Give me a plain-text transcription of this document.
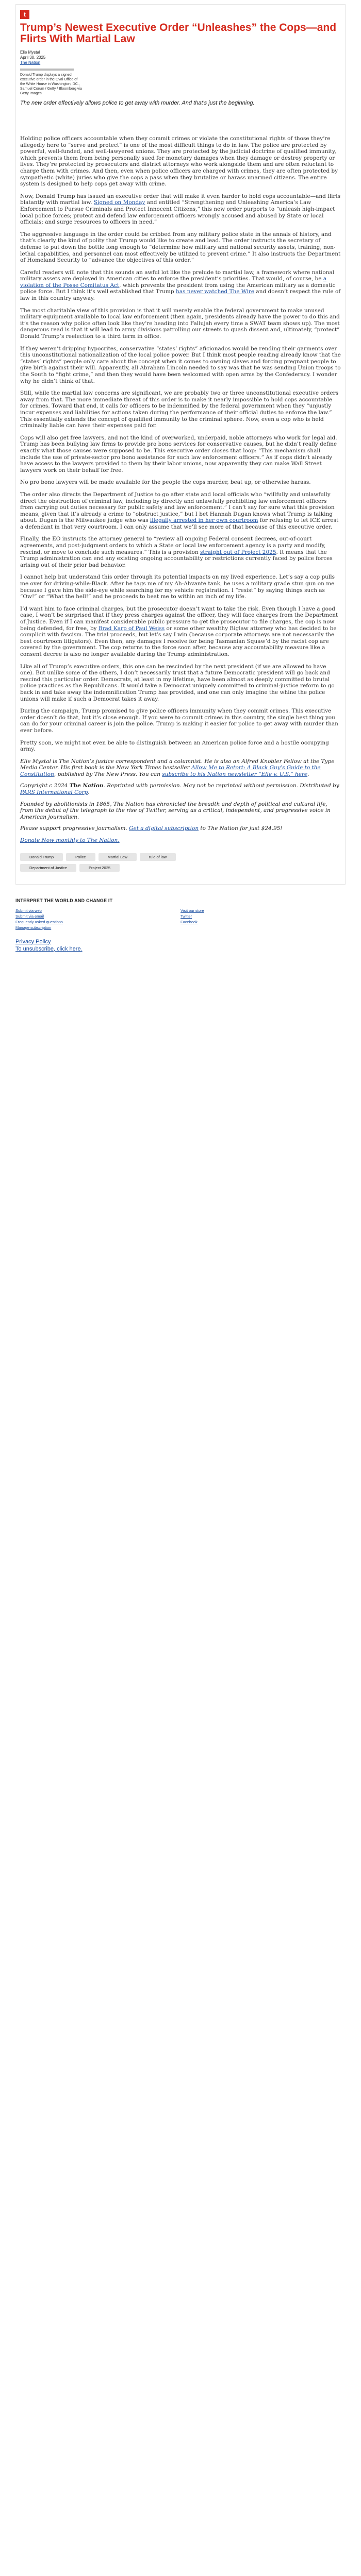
t
Trump’s Newest Executive Order “Unleashes” the Cops—and Flirts With Martial Law
Elie Mystal
April 30, 2025
The Nation

Donald Trump displays a signed executive order in the Oval Office of the White House in Washington, DC., Samuel Corum / Getty / Bloomberg via Getty Images

The new order effectively allows police to get away with murder. And that’s just the beginning.

Holding police officers accountable when they commit crimes or violate the constitutional rights of those they’re allegedly here to “serve and protect” is one of the most difficult things to do in law. The police are protected by powerful, well-funded, and well-lawyered unions. They are protected by the judicial doctrine of qualified immunity, which prevents them from being personally sued for monetary damages when they damage or destroy property or lives. They’re protected by prosecutors and district attorneys who work alongside them and are often reluctant to charge them with crimes. And then, even when police officers are charged with crimes, they are often protected by sympathetic (white) juries who give the cops a pass when they brutalize or harass unarmed citizens. The entire system is designed to help cops get away with crime.

Now, Donald Trump has issued an executive order that will make it even harder to hold cops accountable—and flirts blatantly with martial law. Signed on Monday and entitled “Strengthening and Unleashing America’s Law Enforcement to Pursue Criminals and Protect Innocent Citizens,” this new order purports to “unleash high-impact local police forces; protect and defend law enforcement officers wrongly accused and abused by State or local officials; and surge resources to officers in need.”

The aggressive language in the order could be cribbed from any military police state in the annals of history, and that’s clearly the kind of polity that Trump would like to create and lead. The order instructs the secretary of defense to put down the bottle long enough to “determine how military and national security assets, training, non-lethal capabilities, and personnel can most effectively be utilized to prevent crime.” It also instructs the Department of Homeland Security to “advance the objectives of this order.”

Careful readers will note that this sounds an awful lot like the prelude to martial law, a framework where national military assets are deployed in American cities to enforce the president’s priorities. That would, of course, be a violation of the Posse Comitatus Act, which prevents the president from using the American military as a domestic police force. But I think it’s well established that Trump has never watched The Wire and doesn’t respect the rule of law in this country anyway.

The most charitable view of this provision is that it will merely enable the federal government to make unused military equipment available to local law enforcement (then again, presidents already have the power to do this and it’s the reason why police often look like they’re heading into Fallujah every time a SWAT team shows up). The most dangerous read is that it will lead to army divisions patrolling our streets to quash dissent and, ultimately, “protect” Donald Trump’s reelection to a third term in office.

If they weren’t dripping hypocrites, conservative “states’ rights” aficionados would be rending their garments over this unconstitutional nationalization of the local police power. But I think most people reading already know that the “states’ rights” people only care about the concept when it comes to owning slaves and forcing pregnant people to give birth against their will. Apparently, all Abraham Lincoln needed to say was that he was sending Union troops to the South to “fight crime,” and then they would have been welcomed with open arms by the Confederacy. I wonder why he didn’t think of that.

Still, while the martial law concerns are significant, we are probably two or three unconstitutional executive orders away from that. The more immediate threat of this order is to make it nearly impossible to hold cops accountable for crimes. Toward that end, it calls for officers to be indemnified by the federal government when they “unjustly incur expenses and liabilities for actions taken during the performance of their official duties to enforce the law.” This essentially extends the concept of qualified immunity to the criminal sphere. Now, even a cop who is held criminally liable can have their expenses paid for.

Cops will also get free lawyers, and not the kind of overworked, underpaid, noble attorneys who work for legal aid. Trump has been bullying law firms to provide pro bono services for conservative causes, but he didn’t really define exactly what those causes were supposed to be. This executive order closes that loop: “This mechanism shall include the use of private-sector pro bono assistance for such law enforcement officers.” As if cops didn’t already have access to the lawyers provided to them by their labor unions, now apparently they can make Wall Street lawyers work on their behalf for free.

No pro bono lawyers will be made available for the people the cops murder, beat up, or otherwise harass.

The order also directs the Department of Justice to go after state and local officials who “willfully and unlawfully direct the obstruction of criminal law, including by directly and unlawfully prohibiting law enforcement officers from carrying out duties necessary for public safety and law enforcement.” I can’t say for sure what this provision means, given that it’s already a crime to “obstruct justice,” but I bet Hannah Dugan knows what Trump is talking about. Dugan is the Milwaukee judge who was illegally arrested in her own courtroom for refusing to let ICE arrest a defendant in that very courtroom. I can only assume that we’ll see more of that because of this executive order.

Finally, the EO instructs the attorney general to “review all ongoing Federal consent decrees, out-of-court agreements, and post-judgment orders to which a State or local law enforcement agency is a party and modify, rescind, or move to conclude such measures.” This is a provision straight out of Project 2025. It means that the Trump administration can end any existing ongoing accountability or restrictions currently faced by police forces arising out of their prior bad behavior.

I cannot help but understand this order through its potential impacts on my lived experience. Let’s say a cop pulls me over for driving-while-Black. After he tags me of my Ah-Ahvante tank, he uses a military grade stun gun on me because I gave him the side-eye while searching for my vehicle registration. I “resist” by saying things such as “Ow!” or “What the hell!” and he proceeds to beat me to within an inch of my life.

I’d want him to face criminal charges, but the prosecutor doesn’t want to take the risk. Even though I have a good case, I won’t be surprised that if they press charges against the officer, they will face charges from the Department of Justice. Even if I can manifest considerable public pressure to get the prosecutor to file charges, the cop is now being defended, for free, by Brad Karp of Paul Weiss or some other wealthy Biglaw attorney who has decided to be complicit with fascism. The trial proceeds, but let’s say I win (because corporate attorneys are not necessarily the best courtroom litigators). Even then, any damages I receive for being Tasmanian Squaw’d by the racist cop are covered by the government. The cop returns to the force soon after, because any accountability measure like a consent decree is also no longer available during the Trump administration.

Like all of Trump’s executive orders, this one can be rescinded by the next president (if we are allowed to have one). But unlike some of the others, I don’t necessarily trust that a future Democratic president will go back and rescind this particular order. Democrats, at least in my lifetime, have been almost as deeply committed to brutal police practices as the Republicans. It would take a Democrat uniquely committed to criminal-justice reform to go back in and take away the indemnification Trump has provided, and one can only imagine the whine the police unions will make if such a Democrat takes it away.

During the campaign, Trump promised to give police officers immunity when they commit crimes. This executive order doesn’t do that, but it’s close enough. If you were to commit crimes in this country, the single best thing you can do for your criminal career is join the police. Trump is making it easier for police to get away with murder than ever before.

Pretty soon, we might not even be able to distinguish between an American police force and a hostile occupying army.

Elie Mystal is The Nation’s justice correspondent and a columnist. He is also an Alfred Knobler Fellow at the Type Media Center. His first book is the New York Times bestseller Allow Me to Retort: A Black Guy’s Guide to the Constitution, published by The New Press. You can subscribe to his Nation newsletter “Elie v. U.S.” here.

Copyright c 2024 The Nation. Reprinted with permission. May not be reprinted without permission. Distributed by PARS International Corp.

Founded by abolitionists in 1865, The Nation has chronicled the breadth and depth of political and cultural life, from the debut of the telegraph to the rise of Twitter, serving as a critical, independent, and progressive voice in American journalism.

Please support progressive journalism. Get a digital subscription to The Nation for just $24.95!

Donate Now monthly to The Nation.

Donald Trump	Police	Martial Law	rule of law
Department of Justice	Project 2025
INTERPRET THE WORLD AND CHANGE IT
Submit via web	Visit our store
Submit via email	Twitter
Frequently asked questions	Facebook
Manage subscription
Privacy Policy
To unsubscribe, click here.
